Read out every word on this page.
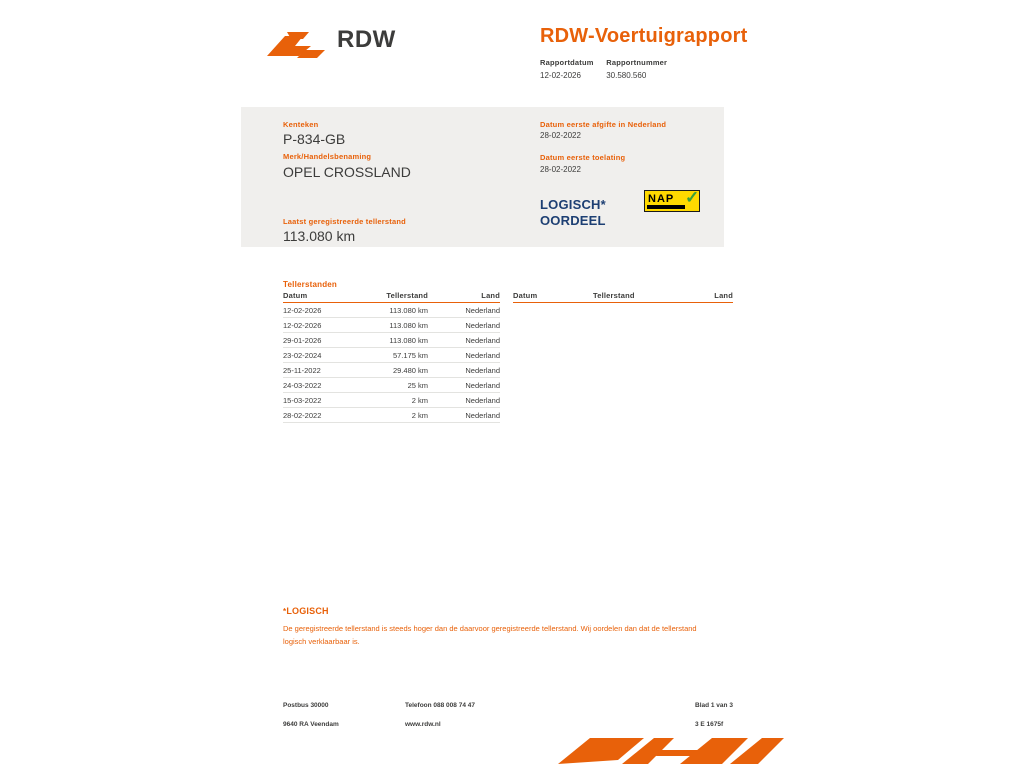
RDW	RDW-Voertuigrapport
Rapportdatum
12-02-2026

Rapportnummer
30.580.560
Kenteken
P-834-GB
Merk/Handelsbenaming
OPEL CROSSLAND
Laatst geregistreerde tellerstand
113.080 km
Datum eerste afgifte in Nederland
28-02-2022
Datum eerste toelating
28-02-2022
LOGISCH*
OORDEEL
NAP ✓
Tellerstanden
Datum	Tellerstand	Land
12-02-2026	113.080 km	Nederland
12-02-2026	113.080 km	Nederland
29-01-2026	113.080 km	Nederland
23-02-2024	57.175 km	Nederland
25-11-2022	29.480 km	Nederland
24-03-2022	25 km	Nederland
15-03-2022	2 km	Nederland
28-02-2022	2 km	Nederland
Datum	Tellerstand	Land
*LOGISCH
De geregistreerde tellerstand is steeds hoger dan de daarvoor geregistreerde tellerstand. Wij oordelen dan dat de tellerstand logisch verklaarbaar is.
Postbus 30000
9640 RA Veendam
Telefoon 088 008 74 47
www.rdw.nl
Blad 1 van 3
3 E 1675f
